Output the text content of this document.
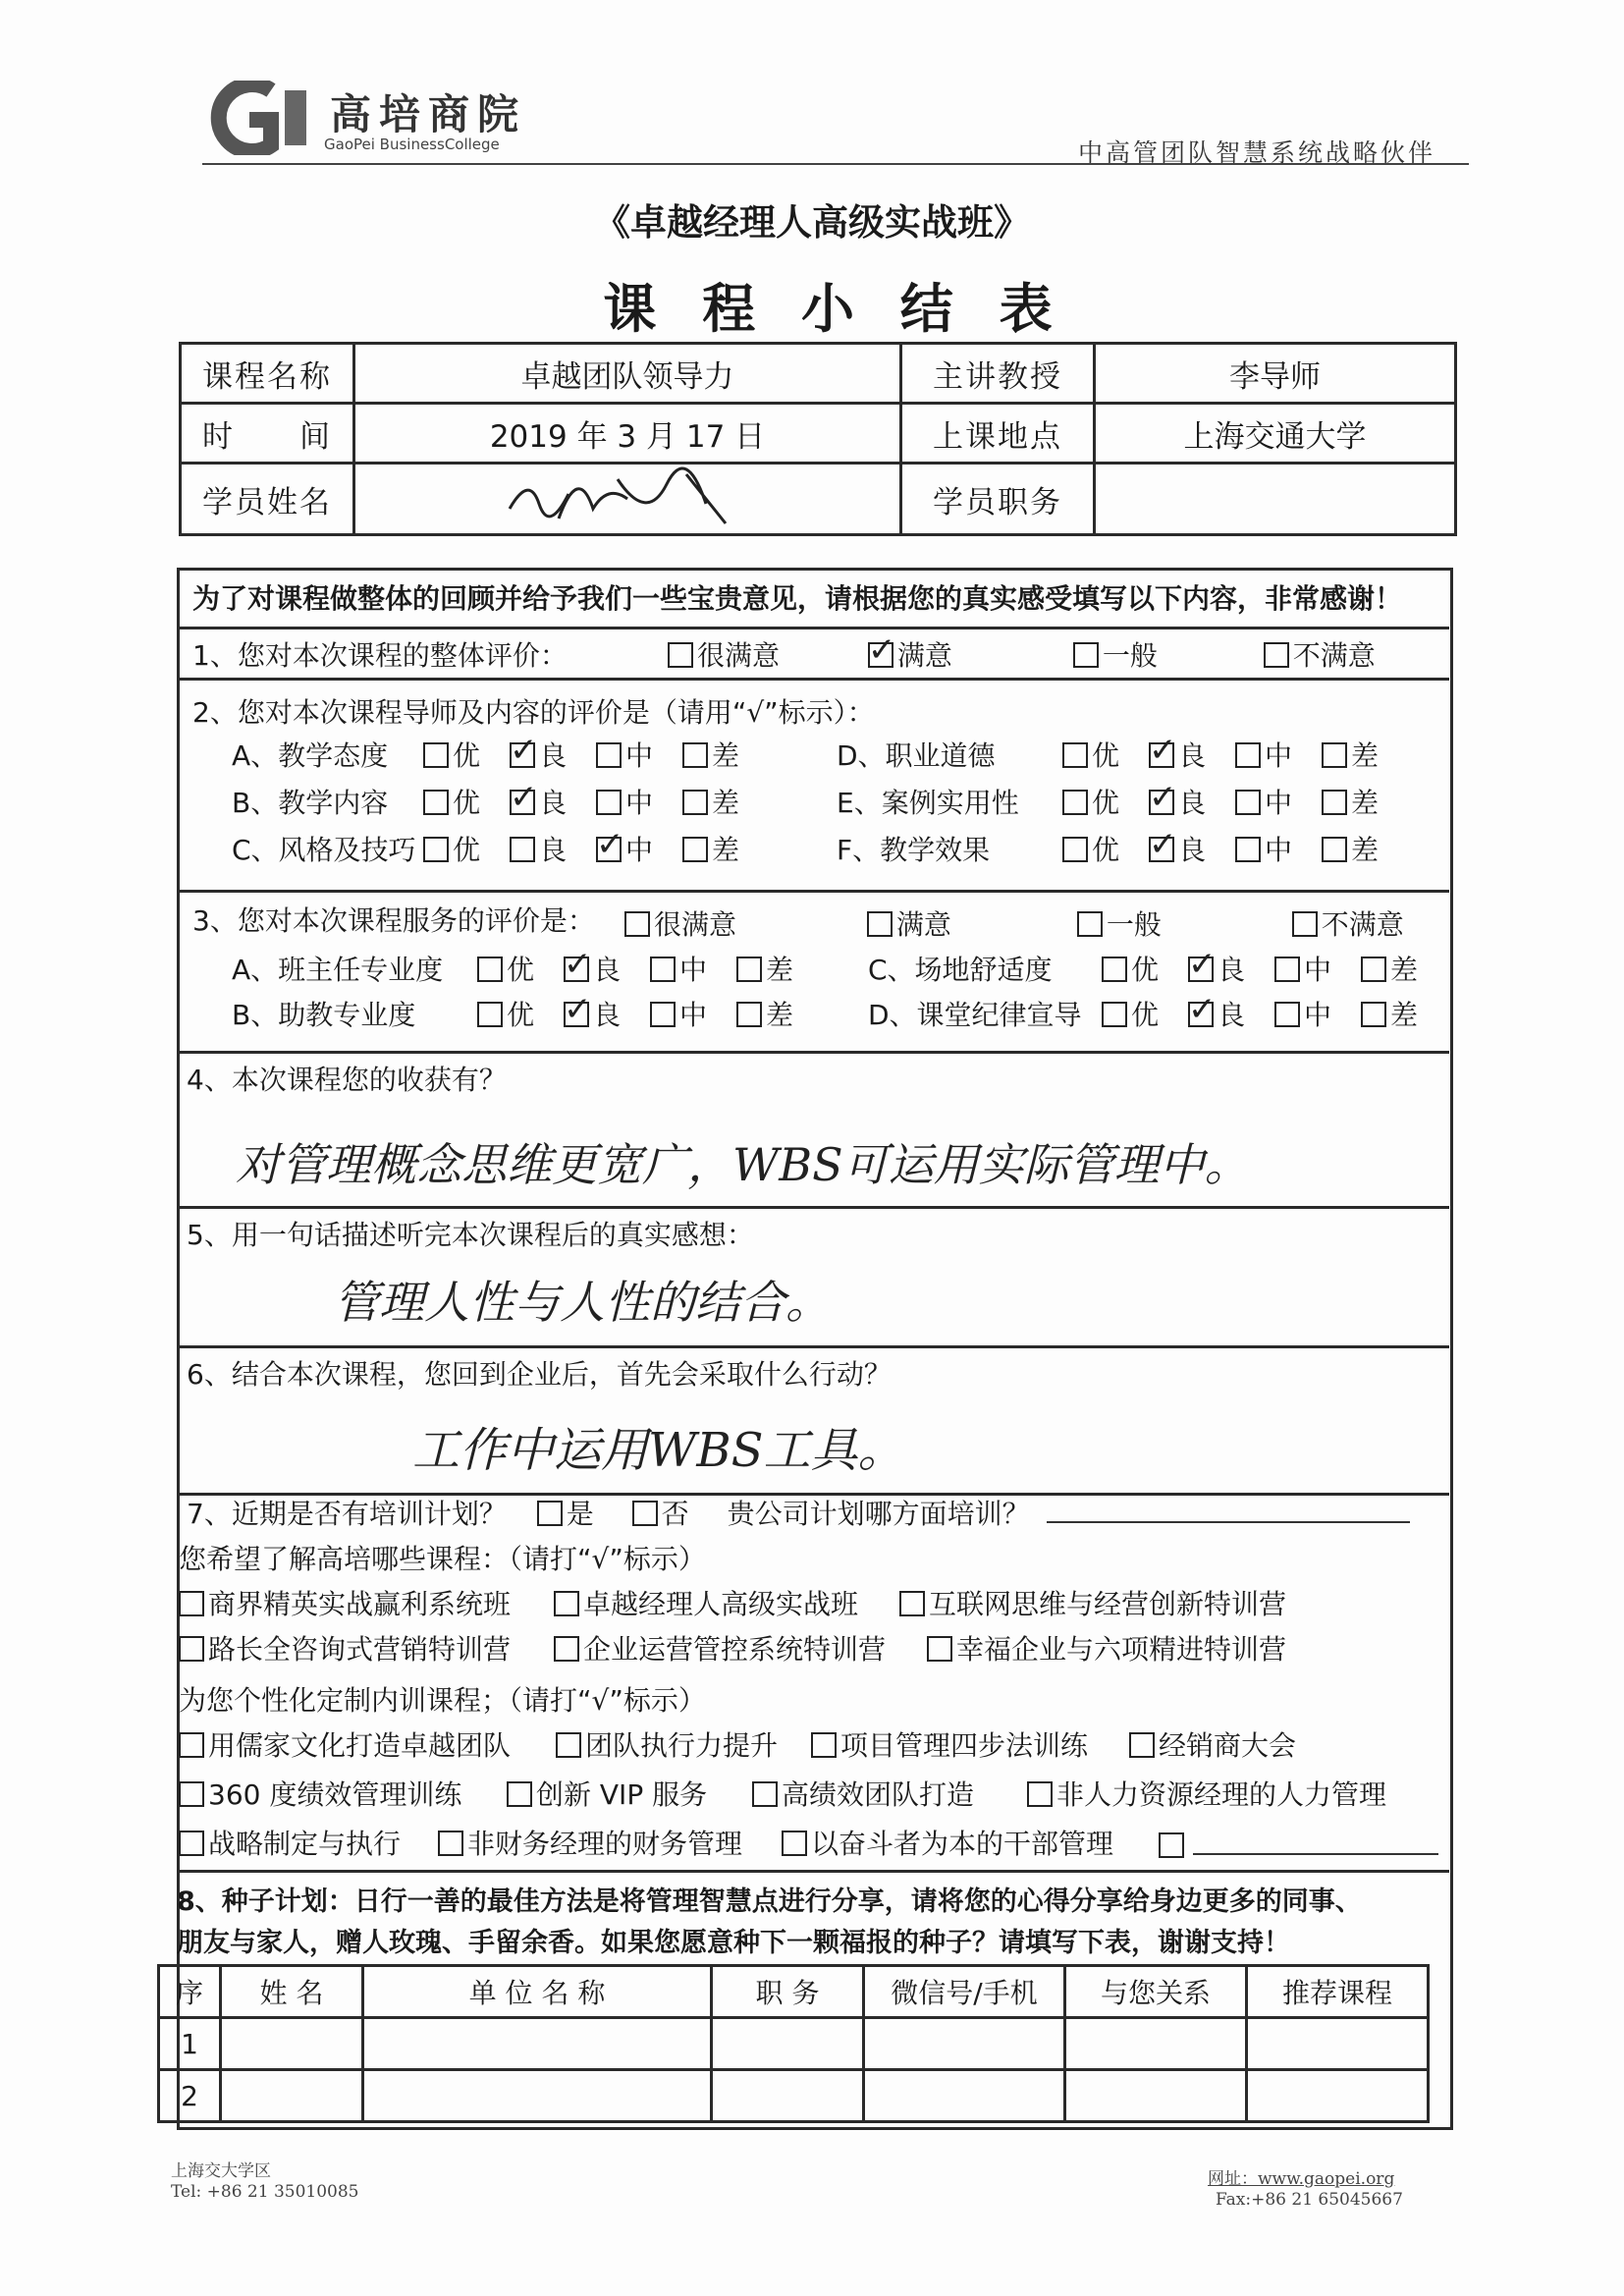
高培商院
GaoPei BusinessCollege	中高管团队智慧系统战略伙伴
《卓越经理人高级实战班》
课 程 小 结 表
课程名称	卓越团队领导力	主讲教授	李导师
时　　间	2019 年 3 月 17 日	上课地点	上海交通大学
学员姓名		学员职务	
为了对课程做整体的回顾并给予我们一些宝贵意见，请根据您的真实感受填写以下内容，非常感谢！
1、您对本次课程的整体评价：	很满意 ✓	满意	一般	不满意
2、您对本次课程导师及内容的评价是（请用“√”标示）：
A、教学态度 优 ✓ 良 中 差
B、教学内容 优 ✓ 良 中 差
C、风格及技巧 优 良 ✓ 中 差
D、职业道德	优 ✓ 良 中 差
E、案例实用性	优 ✓ 良 中 差
F、教学效果	优 ✓ 良 中 差
3、您对本次课程服务的评价是：	很满意	满意	一般	不满意
A、班主任专业度 优 ✓ 良 中 差
B、助教专业度	优 ✓ 良 中 差
C、场地舒适度	优 ✓ 良 中 差
D、课堂纪律宣导 优 ✓ 良 中 差
4、本次课程您的收获有？
对管理概念思维更宽广，WBS可运用实际管理中。
5、用一句话描述听完本次课程后的真实感想：
管理人性与人性的结合。
6、结合本次课程，您回到企业后，首先会采取什么行动？
工作中运用WBS工具。
7、近期是否有培训计划？ 是 否 贵公司计划哪方面培训？
您希望了解高培哪些课程：（请打“√”标示）
商界精英实战赢利系统班	卓越经理人高级实战班	互联网思维与经营创新特训营
路长全咨询式营销特训营	企业运营管控系统特训营	幸福企业与六项精进特训营
为您个性化定制内训课程；（请打“√”标示）
用儒家文化打造卓越团队	团队执行力提升	项目管理四步法训练	经销商大会
360 度绩效管理训练	创新 VIP 服务	高绩效团队打造	非人力资源经理的人力管理
战略制定与执行	非财务经理的财务管理	以奋斗者为本的干部管理

8、种子计划：日行一善的最佳方法是将管理智慧点进行分享，请将您的心得分享给身边更多的同事、
朋友与家人，赠人玫瑰、手留余香。如果您愿意种下一颗福报的种子？请填写下表，谢谢支持！
序	姓 名	单 位 名 称	职 务	微信号/手机	与您关系	推荐课程
1						
2						
上海交大学区
Tel: +86 21 35010085
网址：www.gaopei.org
Fax:+86 21 65045667
